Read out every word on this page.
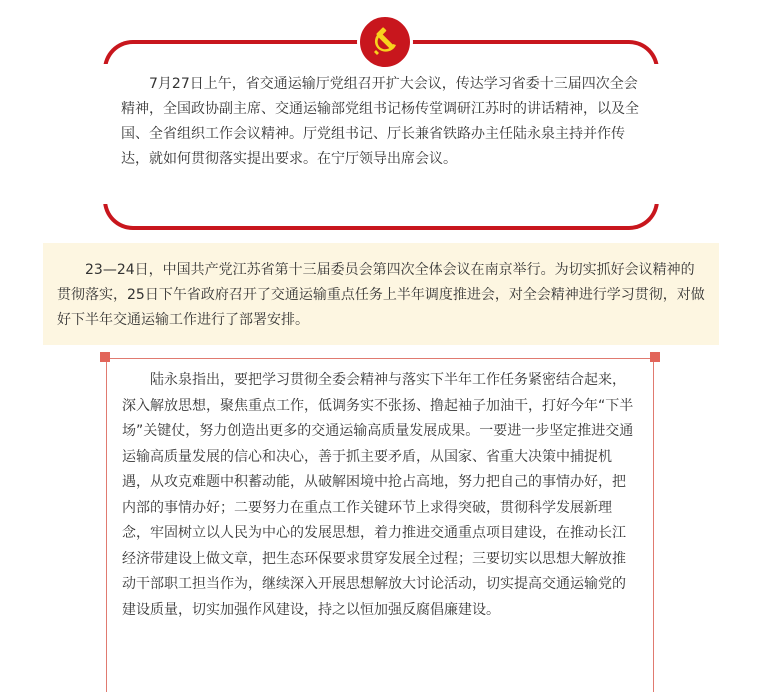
7月27日上午，省交通运输厅党组召开扩大会议，传达学习省委十三届四次全会精神，全国政协副主席、交通运输部党组书记杨传堂调研江苏时的讲话精神，以及全国、全省组织工作会议精神。厅党组书记、厅长兼省铁路办主任陆永泉主持并作传达，就如何贯彻落实提出要求。在宁厅领导出席会议。

23—24日，中国共产党江苏省第十三届委员会第四次全体会议在南京举行。为切实抓好会议精神的贯彻落实，25日下午省政府召开了交通运输重点任务上半年调度推进会，对全会精神进行学习贯彻，对做好下半年交通运输工作进行了部署安排。

陆永泉指出，要把学习贯彻全委会精神与落实下半年工作任务紧密结合起来，深入解放思想，聚焦重点工作，低调务实不张扬、撸起袖子加油干，打好今年“下半场”关键仗，努力创造出更多的交通运输高质量发展成果。一要进一步坚定推进交通运输高质量发展的信心和决心，善于抓主要矛盾，从国家、省重大决策中捕捉机遇，从攻克难题中积蓄动能，从破解困境中抢占高地，努力把自己的事情办好，把内部的事情办好；二要努力在重点工作关键环节上求得突破，贯彻科学发展新理念，牢固树立以人民为中心的发展思想，着力推进交通重点项目建设，在推动长江经济带建设上做文章，把生态环保要求贯穿发展全过程；三要切实以思想大解放推动干部职工担当作为，继续深入开展思想解放大讨论活动，切实提高交通运输党的建设质量，切实加强作风建设，持之以恒加强反腐倡廉建设。
